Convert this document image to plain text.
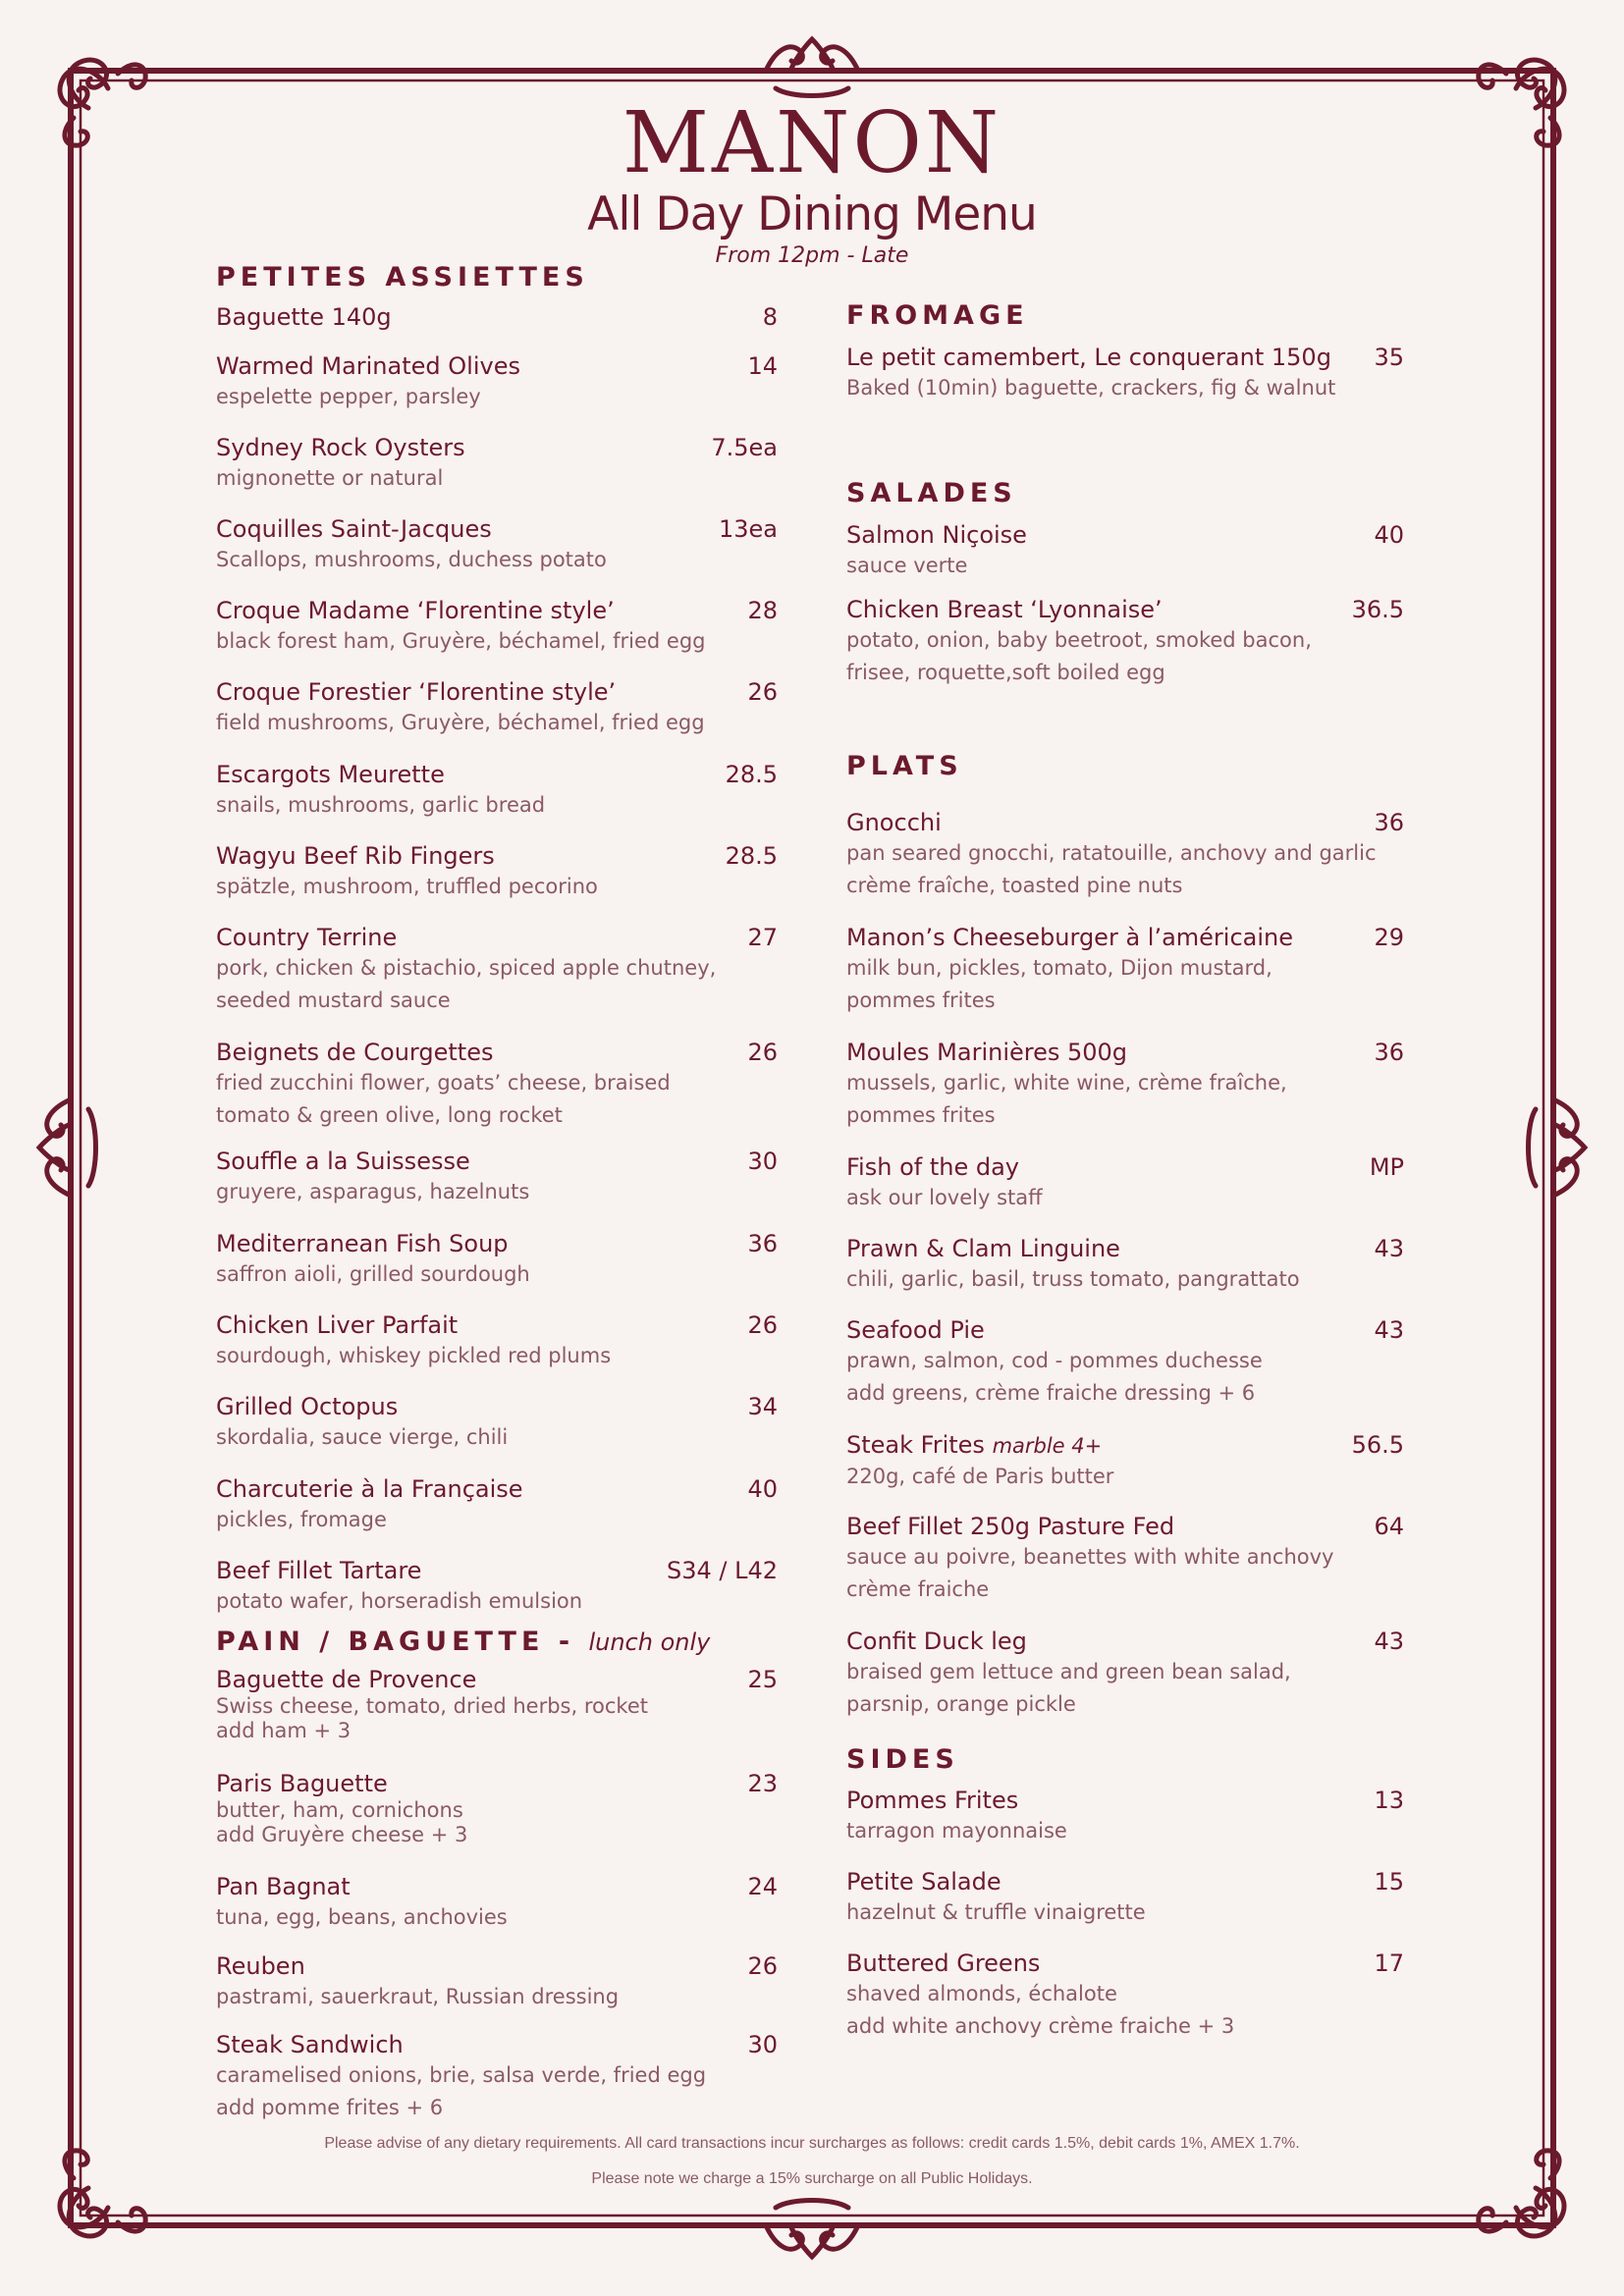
MANON
All Day Dining Menu
From 12pm - Late
PETITES ASSIETTES
Baguette 140g	8
Warmed Marinated Olives	14
espelette pepper, parsley
Sydney Rock Oysters	7.5ea
mignonette or natural
Coquilles Saint-Jacques	13ea
Scallops, mushrooms, duchess potato
Croque Madame ‘Florentine style’	28
black forest ham, Gruyère, béchamel, fried egg
Croque Forestier ‘Florentine style’	26
field mushrooms, Gruyère, béchamel, fried egg
Escargots Meurette	28.5
snails, mushrooms, garlic bread
Wagyu Beef Rib Fingers	28.5
spätzle, mushroom, truffled pecorino
Country Terrine	27
pork, chicken & pistachio, spiced apple chutney,
seeded mustard sauce
Beignets de Courgettes	26
fried zucchini flower, goats’ cheese, braised
tomato & green olive, long rocket
Souffle a la Suissesse	30
gruyere, asparagus, hazelnuts
Mediterranean Fish Soup	36
saffron aioli, grilled sourdough
Chicken Liver Parfait	26
sourdough, whiskey pickled red plums
Grilled Octopus	34
skordalia, sauce vierge, chili
Charcuterie à la Française	40
pickles, fromage
Beef Fillet Tartare	S34 / L42
potato wafer, horseradish emulsion
PAIN / BAGUETTE - lunch only
Baguette de Provence	25
Swiss cheese, tomato, dried herbs, rocket
add ham + 3
Paris Baguette	23
butter, ham, cornichons
add Gruyère cheese + 3
Pan Bagnat	24
tuna, egg, beans, anchovies
Reuben	26
pastrami, sauerkraut, Russian dressing
Steak Sandwich	30
caramelised onions, brie, salsa verde, fried egg
add pomme frites + 6
FROMAGE
Le petit camembert, Le conquerant 150g 35
Baked (10min) baguette, crackers, fig & walnut
SALADES
Salmon Niçoise	40
sauce verte
Chicken Breast ‘Lyonnaise’	36.5
potato, onion, baby beetroot, smoked bacon,
frisee, roquette,soft boiled egg
PLATS
Gnocchi	36
pan seared gnocchi, ratatouille, anchovy and garlic
crème fraîche, toasted pine nuts
Manon’s Cheeseburger à l’américaine	29
milk bun, pickles, tomato, Dijon mustard,
pommes frites
Moules Marinières 500g	36
mussels, garlic, white wine, crème fraîche,
pommes frites
Fish of the day	MP
ask our lovely staff
Prawn & Clam Linguine	43
chili, garlic, basil, truss tomato, pangrattato
Seafood Pie	43
prawn, salmon, cod - pommes duchesse
add greens, crème fraiche dressing + 6
Steak Frites marble 4+	56.5
220g, café de Paris butter
Beef Fillet 250g Pasture Fed	64
sauce au poivre, beanettes with white anchovy
crème fraiche
Confit Duck leg	43
braised gem lettuce and green bean salad,
parsnip, orange pickle
SIDES
Pommes Frites	13
tarragon mayonnaise
Petite Salade	15
hazelnut & truffle vinaigrette
Buttered Greens	17
shaved almonds, échalote
add white anchovy crème fraiche + 3
Please advise of any dietary requirements. All card transactions incur surcharges as follows: credit cards 1.5%, debit cards 1%, AMEX 1.7%.
Please note we charge a 15% surcharge on all Public Holidays.
